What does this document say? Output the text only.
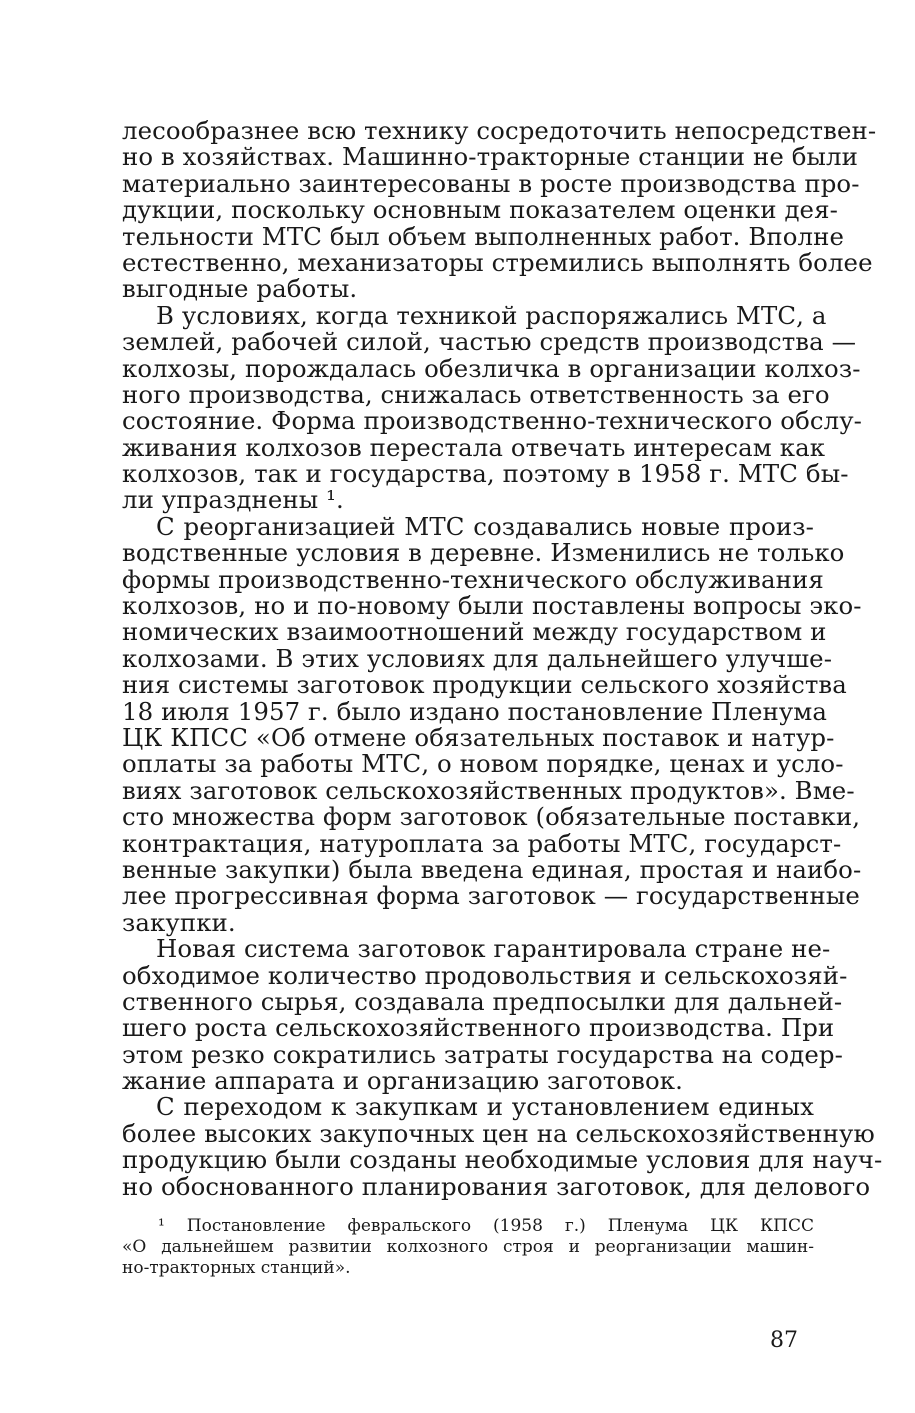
лесообразнее всю технику сосредоточить непосредствен-
но в хозяйствах. Машинно-тракторные станции не были
материально заинтересованы в росте производства про-
дукции, поскольку основным показателем оценки дея-
тельности МТС был объем выполненных работ. Вполне
естественно, механизаторы стремились выполнять более
выгодные работы.
В условиях, когда техникой распоряжались МТС, а
землей, рабочей силой, частью средств производства —
колхозы, порождалась обезличка в организации колхоз-
ного производства, снижалась ответственность за его
состояние. Форма производственно-технического обслу-
живания колхозов перестала отвечать интересам как
колхозов, так и государства, поэтому в 1958 г. МТС бы-
ли упразднены ¹.
С реорганизацией МТС создавались новые произ-
водственные условия в деревне. Изменились не только
формы производственно-технического обслуживания
колхозов, но и по-новому были поставлены вопросы эко-
номических взаимоотношений между государством и
колхозами. В этих условиях для дальнейшего улучше-
ния системы заготовок продукции сельского хозяйства
18 июля 1957 г. было издано постановление Пленума
ЦК КПСС «Об отмене обязательных поставок и натур-
оплаты за работы МТС, о новом порядке, ценах и усло-
виях заготовок сельскохозяйственных продуктов». Вме-
сто множества форм заготовок (обязательные поставки,
контрактация, натуроплата за работы МТС, государст-
венные закупки) была введена единая, простая и наибо-
лее прогрессивная форма заготовок — государственные
закупки.
Новая система заготовок гарантировала стране не-
обходимое количество продовольствия и сельскохозяй-
ственного сырья, создавала предпосылки для дальней-
шего роста сельскохозяйственного производства. При
этом резко сократились затраты государства на содер-
жание аппарата и организацию заготовок.
С переходом к закупкам и установлением единых
более высоких закупочных цен на сельскохозяйственную
продукцию были созданы необходимые условия для науч-
но обоснованного планирования заготовок, для делового
¹ Постановление февральского (1958 г.) Пленума ЦК КПСС
«О дальнейшем развитии колхозного строя и реорганизации машин-
но-тракторных станций».
87
